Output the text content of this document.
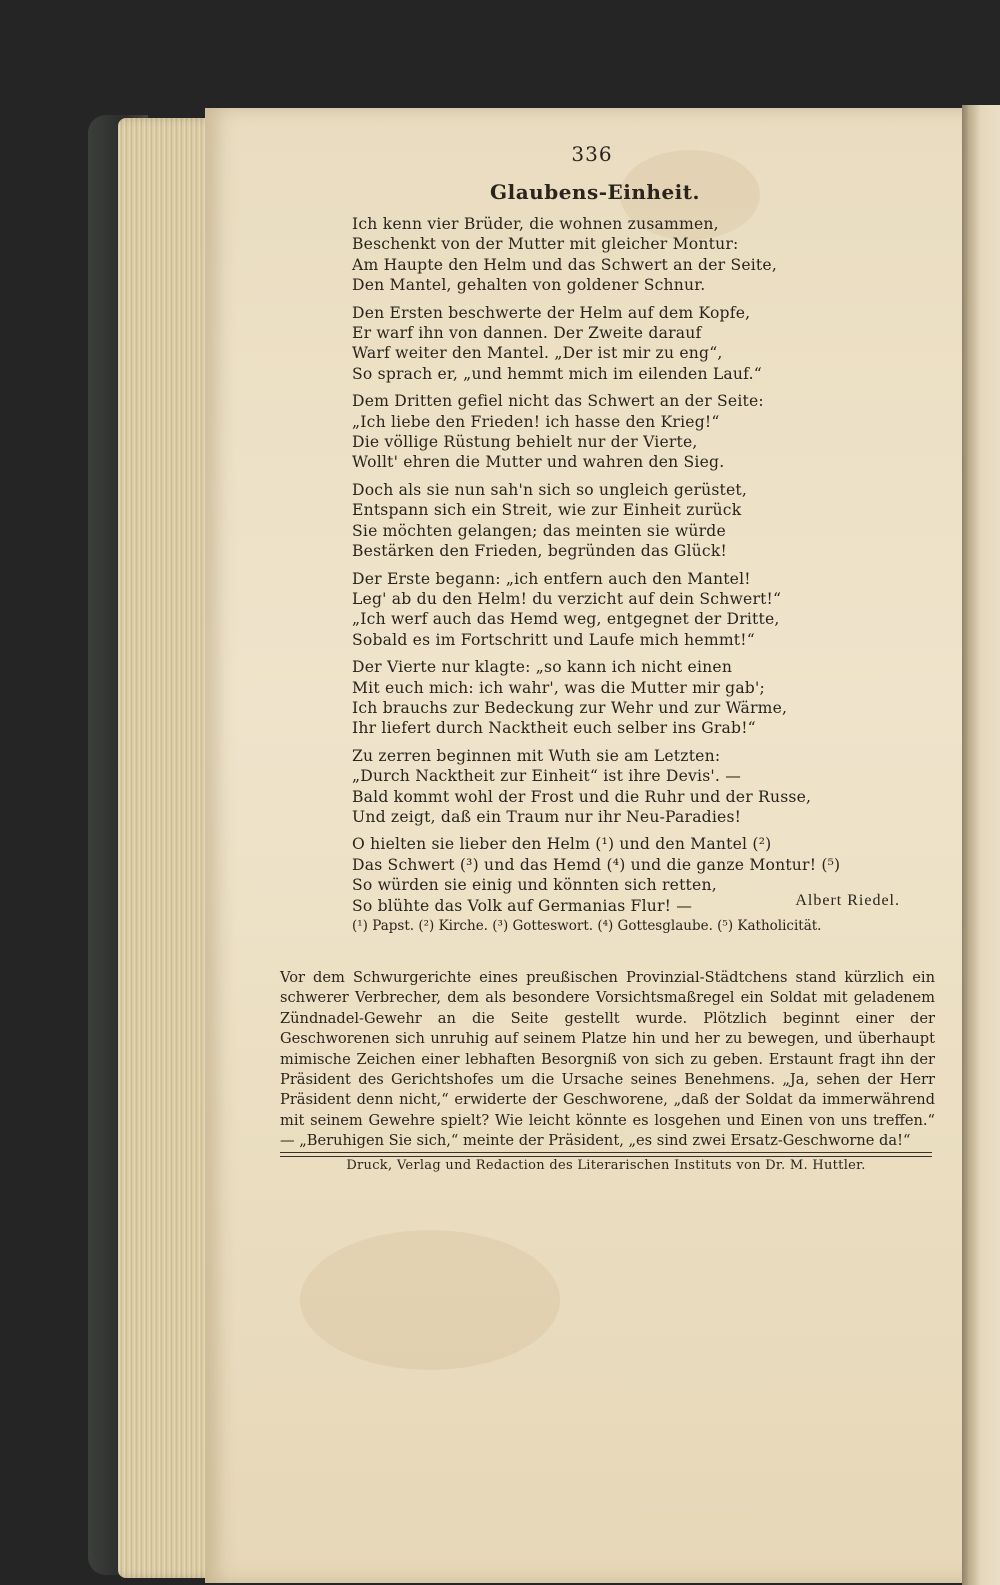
336
Glaubens-Einheit.
Ich kenn vier Brüder, die wohnen zusammen,
Beschenkt von der Mutter mit gleicher Montur:
Am Haupte den Helm und das Schwert an der Seite,
Den Mantel, gehalten von goldener Schnur.
Den Ersten beschwerte der Helm auf dem Kopfe,
Er warf ihn von dannen. Der Zweite darauf
Warf weiter den Mantel. „Der ist mir zu eng“,
So sprach er, „und hemmt mich im eilenden Lauf.“
Dem Dritten gefiel nicht das Schwert an der Seite:
„Ich liebe den Frieden! ich hasse den Krieg!“
Die völlige Rüstung behielt nur der Vierte,
Wollt' ehren die Mutter und wahren den Sieg.
Doch als sie nun sah'n sich so ungleich gerüstet,
Entspann sich ein Streit, wie zur Einheit zurück
Sie möchten gelangen; das meinten sie würde
Bestärken den Frieden, begründen das Glück!
Der Erste begann: „ich entfern auch den Mantel!
Leg' ab du den Helm! du verzicht auf dein Schwert!“
„Ich werf auch das Hemd weg, entgegnet der Dritte,
Sobald es im Fortschritt und Laufe mich hemmt!“
Der Vierte nur klagte: „so kann ich nicht einen
Mit euch mich: ich wahr', was die Mutter mir gab';
Ich brauchs zur Bedeckung zur Wehr und zur Wärme,
Ihr liefert durch Nacktheit euch selber ins Grab!“
Zu zerren beginnen mit Wuth sie am Letzten:
„Durch Nacktheit zur Einheit“ ist ihre Devis'. —
Bald kommt wohl der Frost und die Ruhr und der Russe,
Und zeigt, daß ein Traum nur ihr Neu-Paradies!
O hielten sie lieber den Helm (¹) und den Mantel (²)
Das Schwert (³) und das Hemd (⁴) und die ganze Montur! (⁵)
So würden sie einig und könnten sich retten,
So blühte das Volk auf Germanias Flur! —	Albert Riedel.
(¹) Papst. (²) Kirche. (³) Gotteswort. (⁴) Gottesglaube. (⁵) Katholicität.
Vor dem Schwurgerichte eines preußischen Provinzial-Städtchens stand kürzlich ein schwerer Verbrecher, dem als besondere Vorsichtsmaßregel ein Soldat mit geladenem Zündnadel-Gewehr an die Seite gestellt wurde. Plötzlich beginnt einer der Geschworenen sich unruhig auf seinem Platze hin und her zu bewegen, und überhaupt mimische Zeichen einer lebhaften Besorgniß von sich zu geben. Erstaunt fragt ihn der Präsident des Gerichtshofes um die Ursache seines Benehmens. „Ja, sehen der Herr Präsident denn nicht,“ erwiderte der Geschworene, „daß der Soldat da immerwährend mit seinem Gewehre spielt? Wie leicht könnte es losgehen und Einen von uns treffen.“ — „Beruhigen Sie sich,“ meinte der Präsident, „es sind zwei Ersatz-Geschworne da!“
Druck, Verlag und Redaction des Literarischen Instituts von Dr. M. Huttler.
